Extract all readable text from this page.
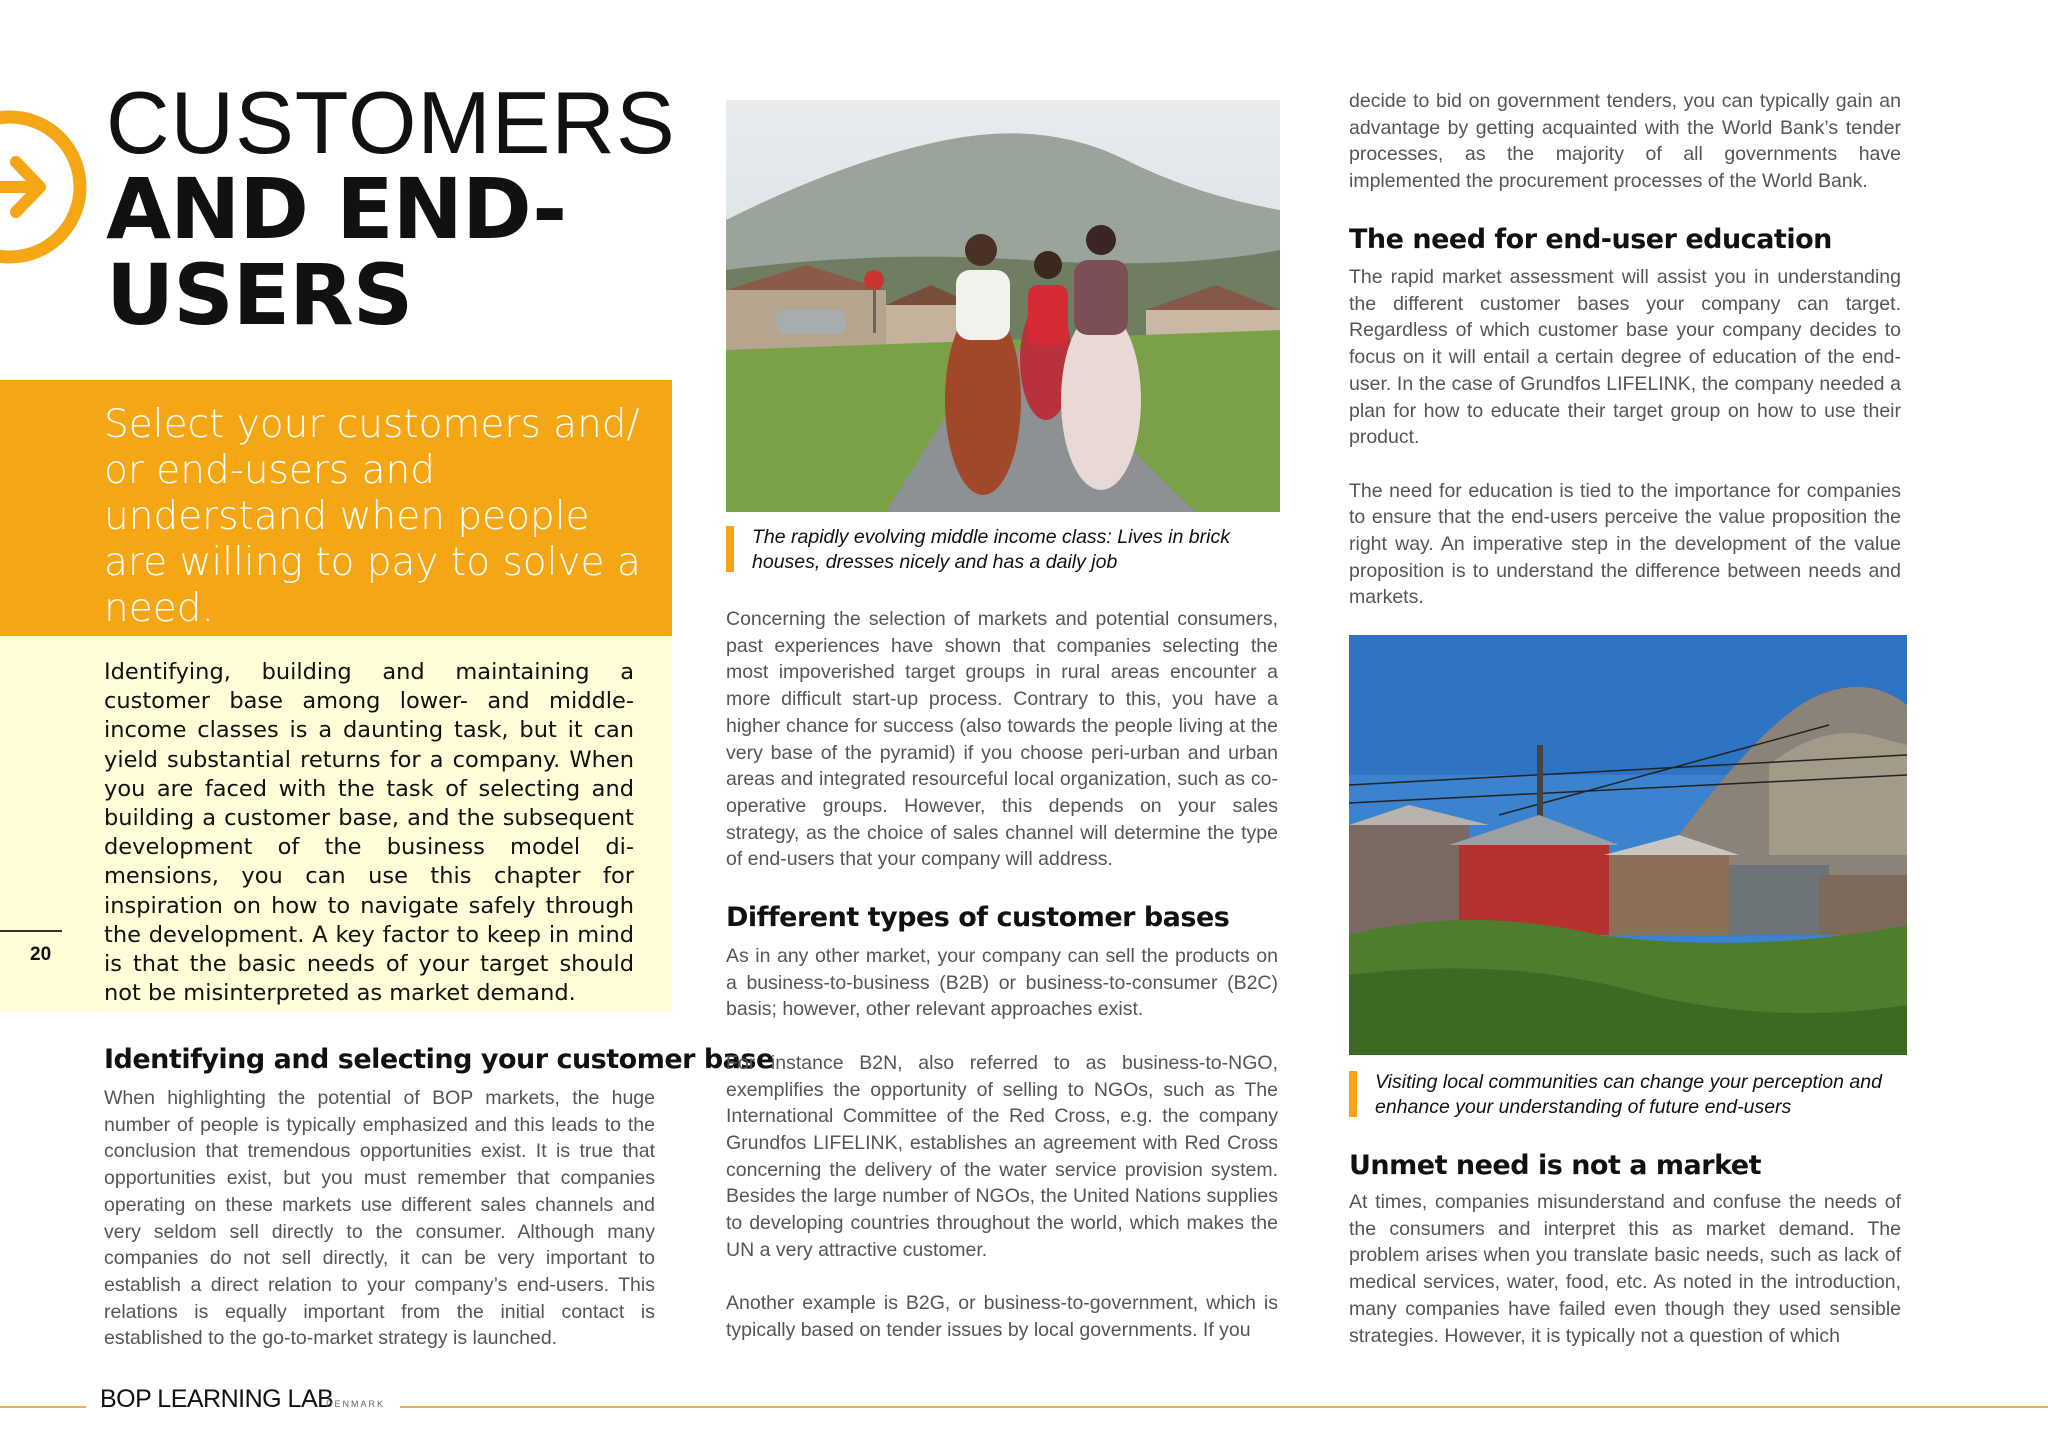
CUSTOMERS
AND END-
USERS
Select your customers and/ or end-users and understand when people are willing to pay to solve a need.
Identifying, building and maintaining a customer base among lower- and middle-income classes is a daunting task, but it can yield substantial returns for a company. When you are faced with the task of selecting and building a customer base, and the subsequent development of the business model di-mensions, you can use this chapter for inspiration on how to navigate safely through the development. A key factor to keep in mind is that the basic needs of your target should not be misinterpreted as market demand.
20
Identifying and selecting your customer base

When highlighting the potential of BOP markets, the huge number of people is typically emphasized and this leads to the conclusion that tremendous opportunities exist. It is true that opportunities exist, but you must remember that companies operating on these markets use different sales channels and very seldom sell directly to the consumer. Although many companies do not sell directly, it can be very important to establish a direct relation to your company’s end-users. This relations is equally important from the initial contact is established to the go-to-market strategy is launched.

The rapidly evolving middle income class: Lives in brick houses, dresses nicely and has a daily job

Concerning the selection of markets and potential consumers, past experiences have shown that companies selecting the most impoverished target groups in rural areas encounter a more difficult start-up process. Contrary to this, you have a higher chance for success (also towards the people living at the very base of the pyramid) if you choose peri-urban and urban areas and integrated resourceful local organization, such as co-operative groups. However, this depends on your sales strategy, as the choice of sales channel will determine the type of end-users that your company will address.

Different types of customer bases

As in any other market, your company can sell the products on a business-to-business (B2B) or business-to-consumer (B2C) basis; however, other relevant approaches exist.

For instance B2N, also referred to as business-to-NGO, exemplifies the opportunity of selling to NGOs, such as The International Committee of the Red Cross, e.g. the company Grundfos LIFELINK, establishes an agreement with Red Cross concerning the delivery of the water service provision system. Besides the large number of NGOs, the United Nations supplies to developing countries throughout the world, which makes the UN a very attractive customer.

Another example is B2G, or business-to-government, which is typically based on tender issues by local governments. If you

decide to bid on government tenders, you can typically gain an advantage by getting acquainted with the World Bank’s tender processes, as the majority of all governments have implemented the procurement processes of the World Bank.

The need for end-user education

The rapid market assessment will assist you in understanding the different customer bases your company can target. Regardless of which customer base your company decides to focus on it will entail a certain degree of education of the end-user. In the case of Grundfos LIFELINK, the company needed a plan for how to educate their target group on how to use their product.

The need for education is tied to the importance for companies to ensure that the end-users perceive the value proposition the right way. An imperative step in the development of the value proposition is to understand the difference between needs and markets.

Visiting local communities can change your perception and enhance your understanding of future end-users
Unmet need is not a market

At times, companies misunderstand and confuse the needs of the consumers and interpret this as market demand. The problem arises when you translate basic needs, such as lack of medical services, water, food, etc. As noted in the introduction, many companies have failed even though they used sensible strategies. However, it is typically not a question of which

BOP LEARNING LAB
DENMARK
